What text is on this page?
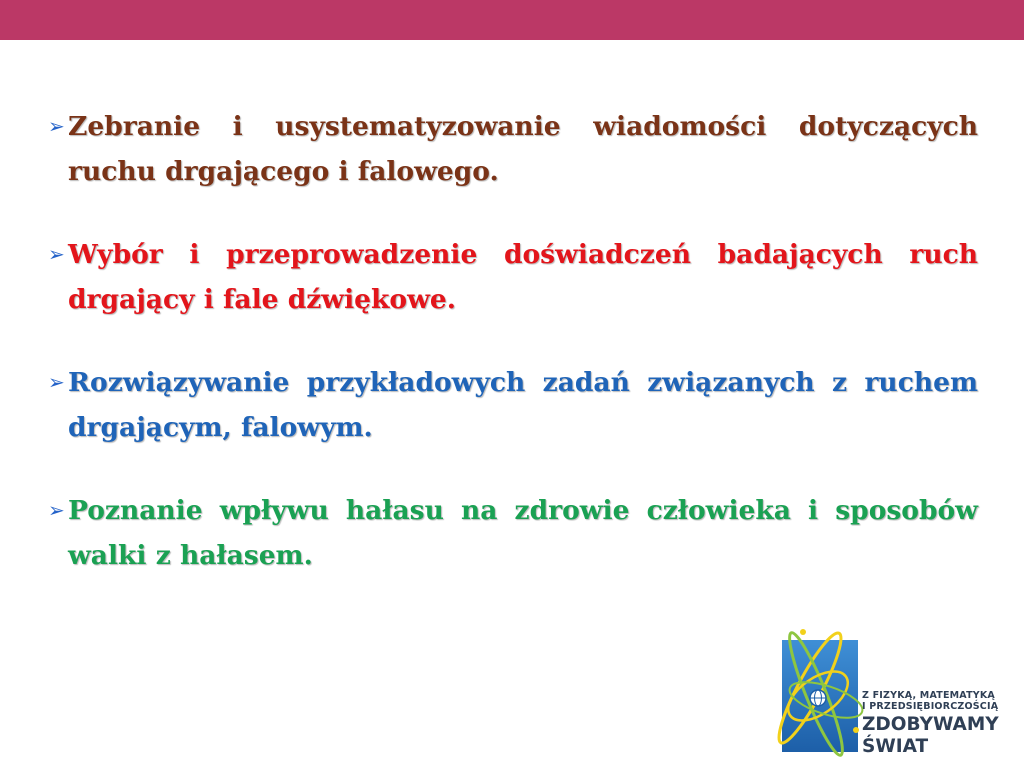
➢ Zebranie i usystematyzowanie wiadomości dotyczących ruchu drgającego i falowego.
➢ Wybór i przeprowadzenie doświadczeń badających ruch drgający i fale dźwiękowe.
➢ Rozwiązywanie przykładowych zadań związanych z ruchem drgającym, falowym.
➢ Poznanie wpływu hałasu na zdrowie człowieka i sposobów walki z hałasem.
Z FIZYKĄ, MATEMATYKĄ
I PRZEDSIĘBIORCZOŚCIĄ
ZDOBYWAMY
ŚWIAT
